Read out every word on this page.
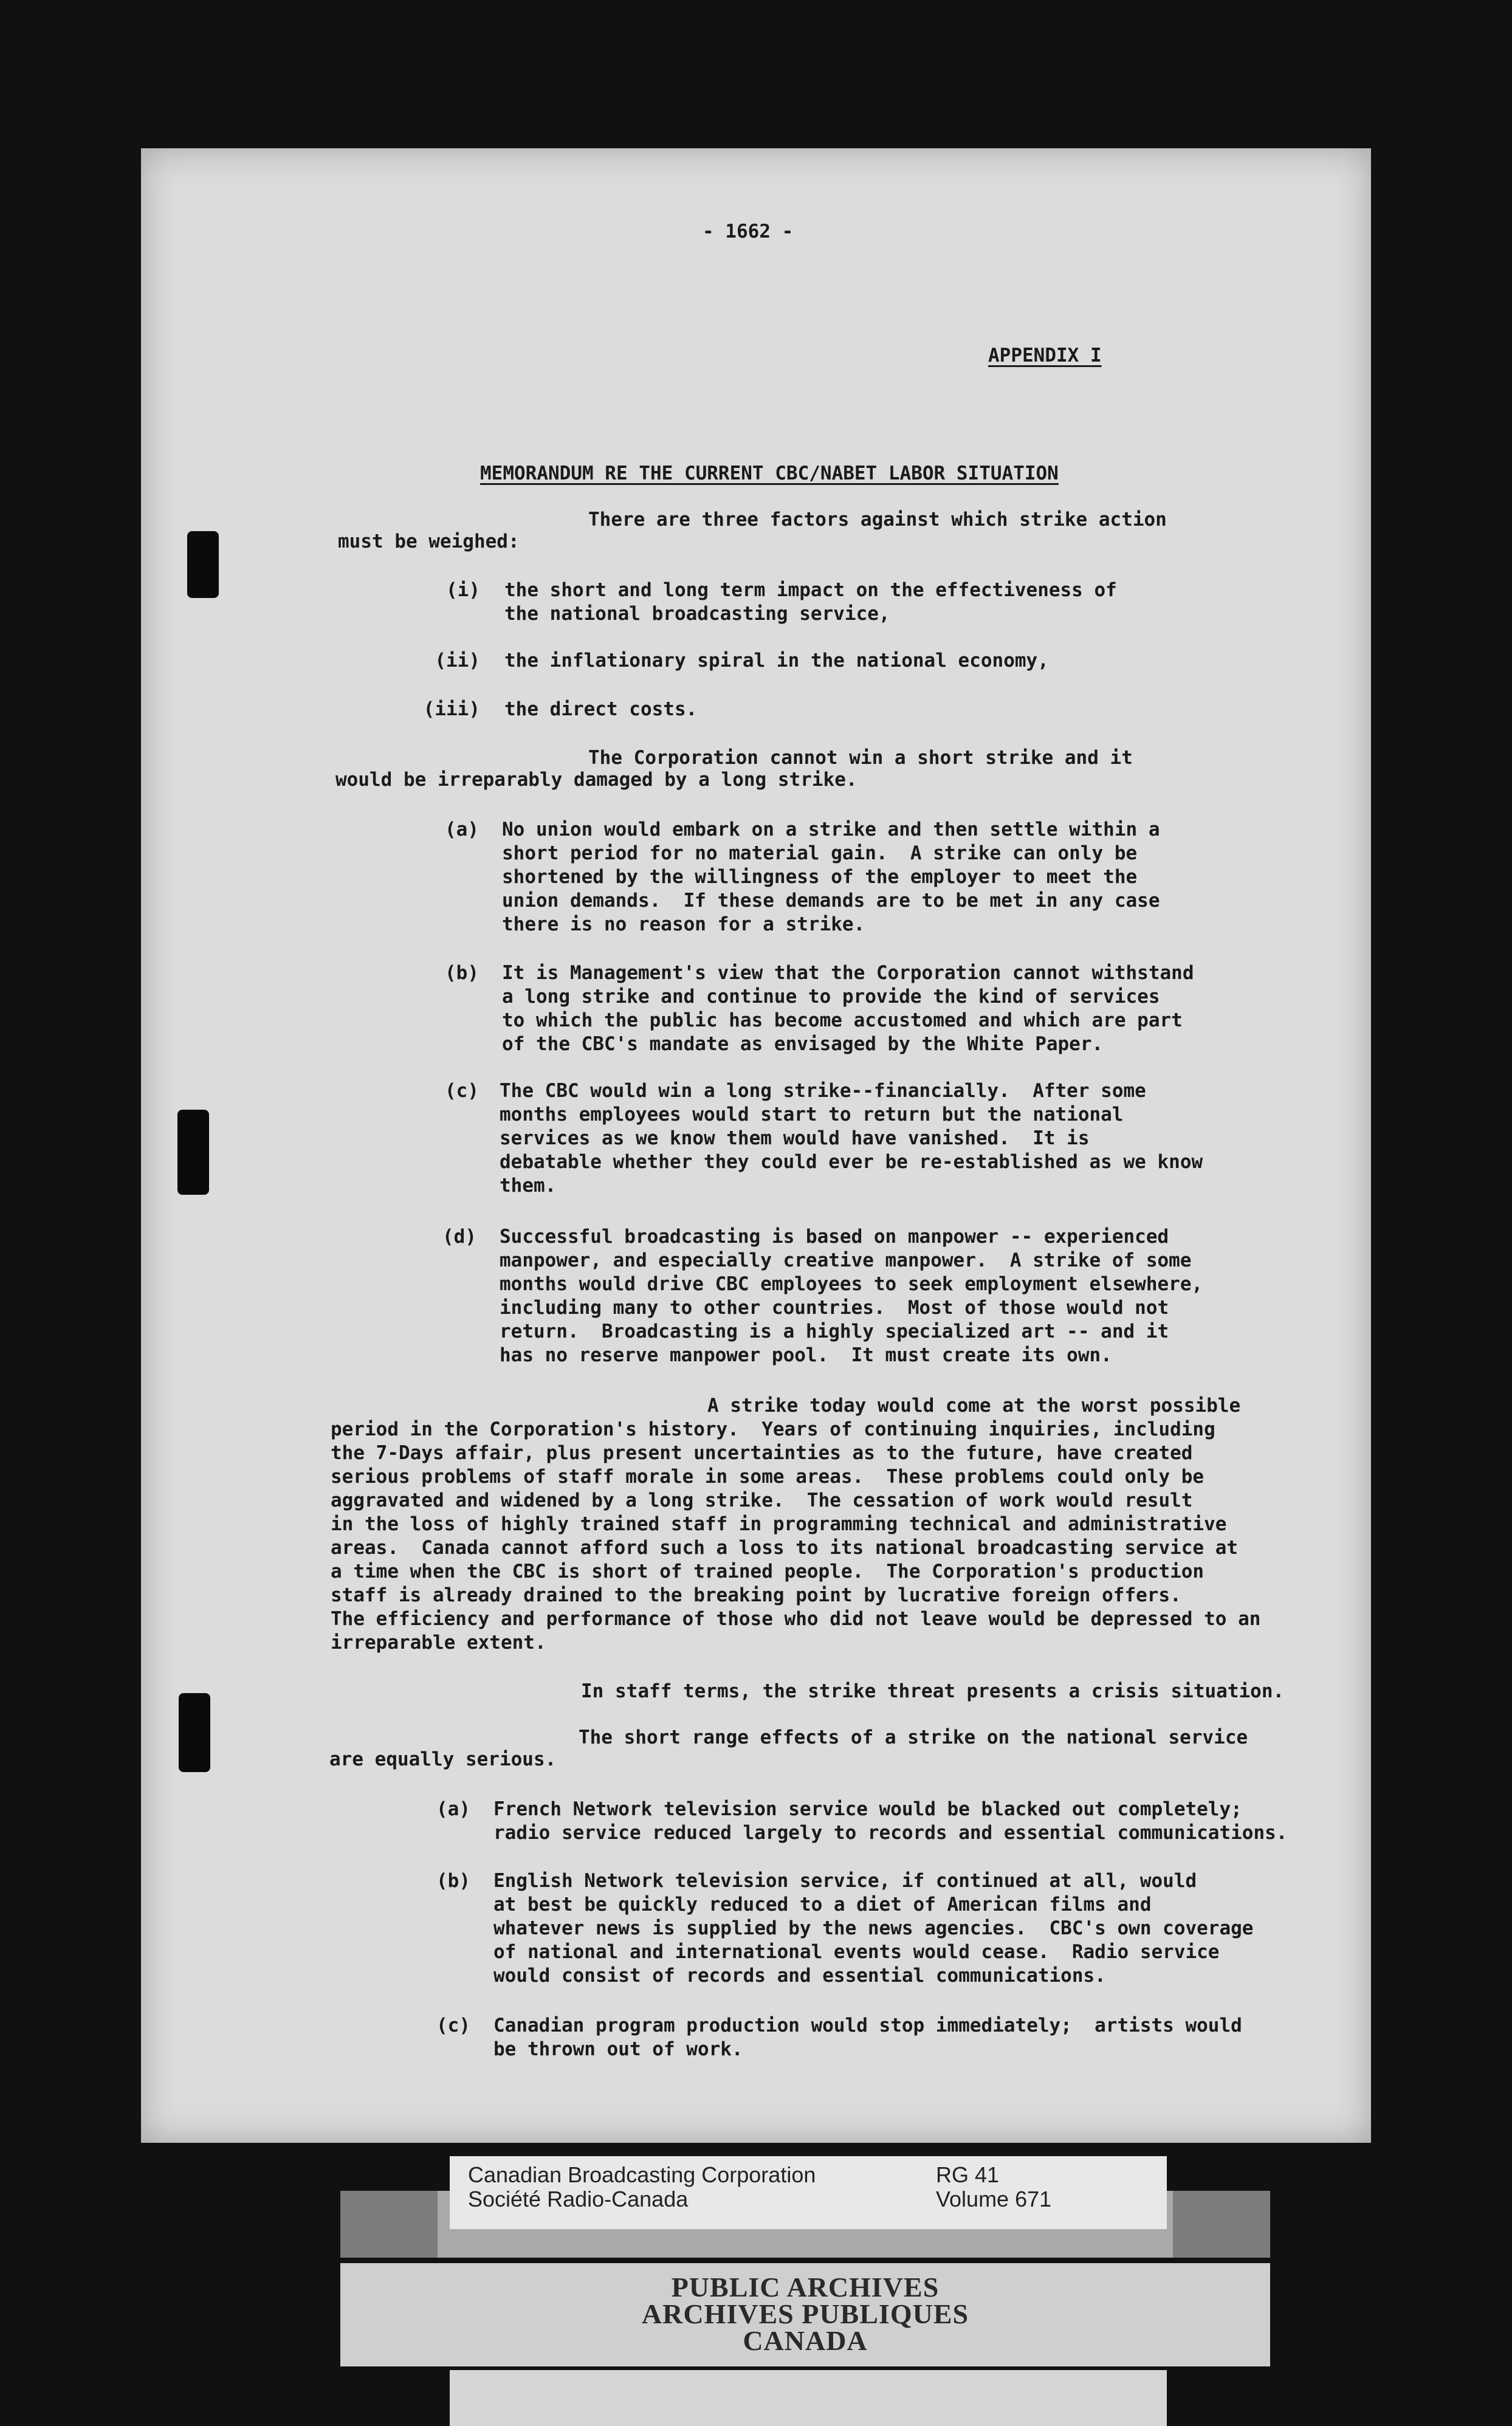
- 1662 -
APPENDIX I
MEMORANDUM RE THE CURRENT CBC/NABET LABOR SITUATION
There are three factors against which strike action
must be weighed:
(i) the short and long term impact on the effectiveness of
the national broadcasting service,
(ii) the inflationary spiral in the national economy,
(iii) the direct costs.
The Corporation cannot win a short strike and it
would be irreparably damaged by a long strike.
(a) No union would embark on a strike and then settle within a
short period for no material gain.  A strike can only be
shortened by the willingness of the employer to meet the
union demands.  If these demands are to be met in any case
there is no reason for a strike.
(b) It is Management's view that the Corporation cannot withstand
a long strike and continue to provide the kind of services
to which the public has become accustomed and which are part
of the CBC's mandate as envisaged by the White Paper.
(c) The CBC would win a long strike--financially.  After some
months employees would start to return but the national
services as we know them would have vanished.  It is
debatable whether they could ever be re-established as we know
them.
(d) Successful broadcasting is based on manpower -- experienced
manpower, and especially creative manpower.  A strike of some
months would drive CBC employees to seek employment elsewhere,
including many to other countries.  Most of those would not
return.  Broadcasting is a highly specialized art -- and it
has no reserve manpower pool.  It must create its own.
A strike today would come at the worst possible
period in the Corporation's history.  Years of continuing inquiries, including
the 7-Days affair, plus present uncertainties as to the future, have created
serious problems of staff morale in some areas.  These problems could only be
aggravated and widened by a long strike.  The cessation of work would result
in the loss of highly trained staff in programming technical and administrative
areas.  Canada cannot afford such a loss to its national broadcasting service at
a time when the CBC is short of trained people.  The Corporation's production
staff is already drained to the breaking point by lucrative foreign offers.
The efficiency and performance of those who did not leave would be depressed to an
irreparable extent.
In staff terms, the strike threat presents a crisis situation.
The short range effects of a strike on the national service
are equally serious.
(a) French Network television service would be blacked out completely;
radio service reduced largely to records and essential communications.
(b) English Network television service, if continued at all, would
at best be quickly reduced to a diet of American films and
whatever news is supplied by the news agencies.  CBC's own coverage
of national and international events would cease.  Radio service
would consist of records and essential communications.
(c) Canadian program production would stop immediately;  artists would
be thrown out of work.
Canadian Broadcasting Corporation
Société Radio-Canada
RG 41
Volume 671
PUBLIC ARCHIVES
ARCHIVES PUBLIQUES
CANADA
